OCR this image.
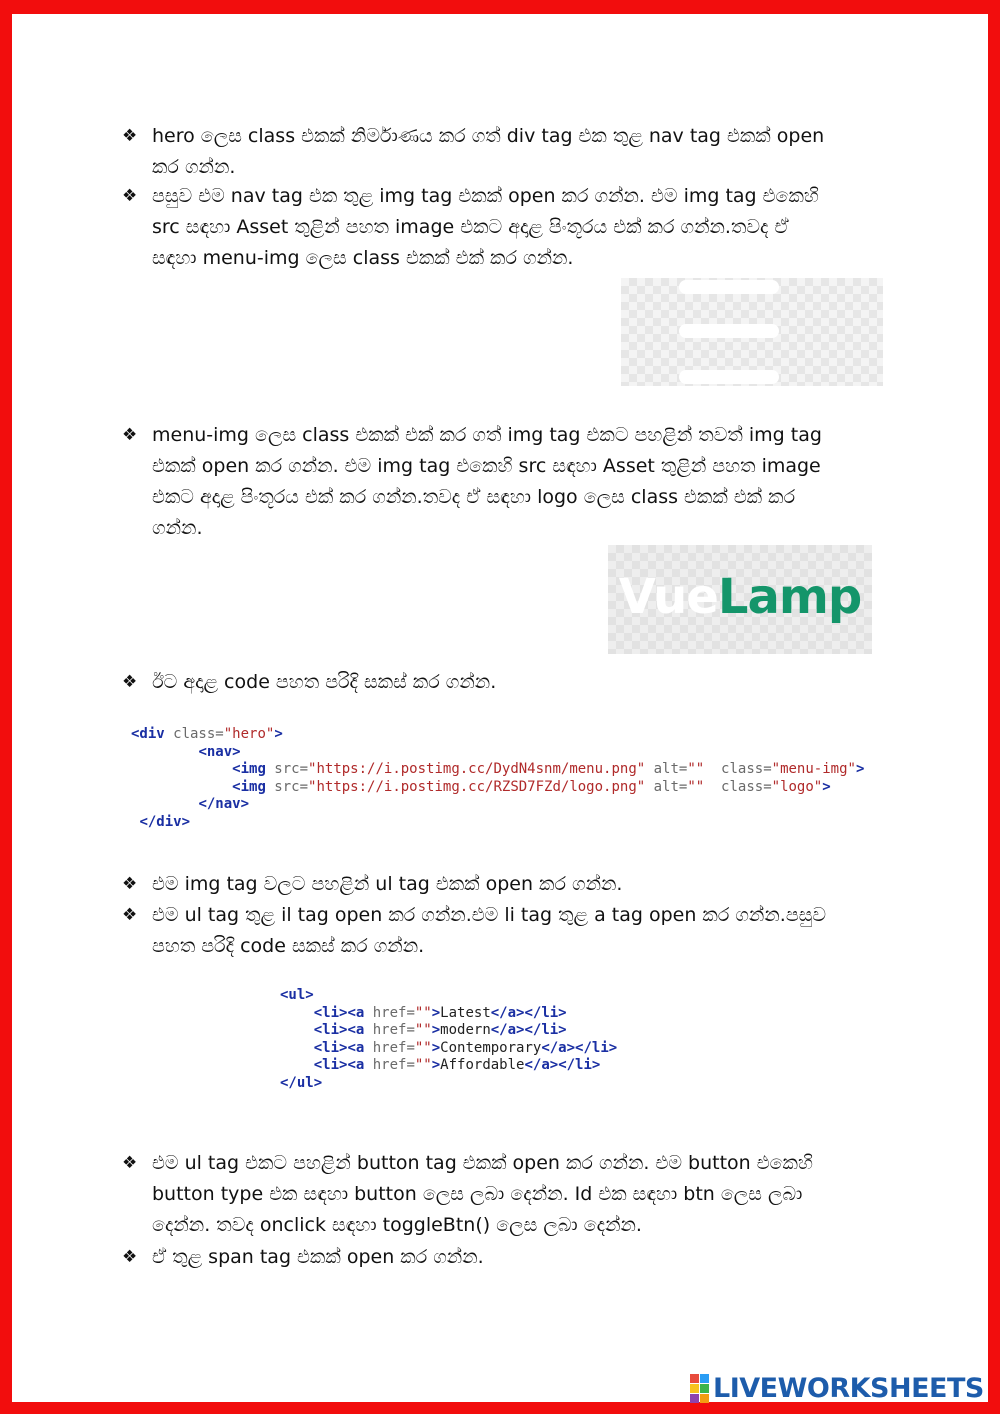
❖ hero ලෙස class එකක් නිර්මාණය කර ගත් div tag එක තුළ nav tag එකක් open
කර ගන්න.
❖ පසුව එම nav tag එක තුළ img tag එකක් open කර ගන්න. එම img tag එකෙහි
src සඳහා Asset තුළින් පහත image එකට අදාළ පිංතූරය එක් කර ගන්න.තවද ඒ
සඳහා menu-img ලෙස class එකක් එක් කර ගන්න.
❖ menu-img ලෙස class එකක් එක් කර ගත් img tag එකට පහළින් තවත් img tag
එකක් open කර ගන්න. එම img tag එකෙහි src සඳහා Asset තුළින් පහත image
එකට අදාළ පිංතූරය එක් කර ගන්න.තවද ඒ සඳහා logo ලෙස class එකක් එක් කර
ගන්න.
VueLamp
❖ ඊට අදාළ code පහත පරිදි සකස් කර ගන්න.
<div class="hero">
<nav>
<img src="https://i.postimg.cc/DydN4snm/menu.png" alt=""  class="menu-img">
<img src="https://i.postimg.cc/RZSD7FZd/logo.png" alt=""  class="logo">
</nav>
</div>
❖ එම img tag වලට පහළින් ul tag එකක් open කර ගන්න.
❖ එම ul tag තුළ il tag open කර ගන්න.එම li tag තුළ a tag open කර ගන්න.පසුව
පහත පරිදි code සකස් කර ගන්න.
<ul>
<li><a href="">Latest</a></li>
<li><a href="">modern</a></li>
<li><a href="">Contemporary</a></li>
<li><a href="">Affordable</a></li>
</ul>
❖ එම ul tag එකට පහළින් button tag එකක් open කර ගන්න. එම button එකෙහි
button type එක සඳහා button ලෙස ලබා දෙන්න. Id එක සඳහා btn ලෙස ලබා
දෙන්න. තවද onclick සඳහා toggleBtn() ලෙස ලබා දෙන්න.
❖ ඒ තුළ span tag එකක් open කර ගන්න.
LIVEWORKSHEETS
